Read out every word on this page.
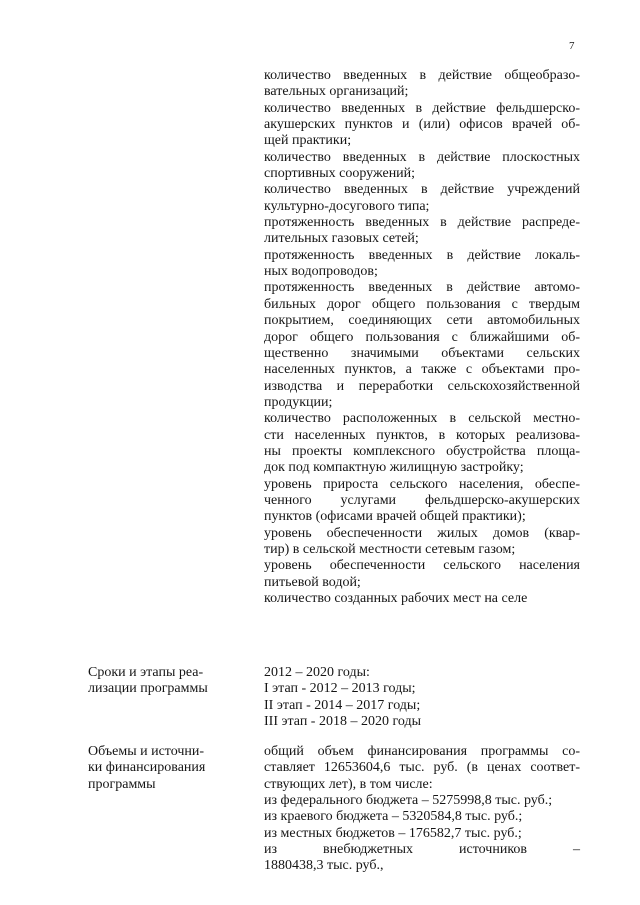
7
количество введенных в действие общеобразо-
вательных организаций;
количество введенных в действие фельдшерско-
акушерских пунктов и (или) офисов врачей об-
щей практики;
количество введенных в действие плоскостных
спортивных сооружений;
количество введенных в действие учреждений
культурно-досугового типа;
протяженность введенных в действие распреде-
лительных газовых сетей;
протяженность введенных в действие локаль-
ных водопроводов;
протяженность введенных в действие автомо-
бильных дорог общего пользования с твердым
покрытием, соединяющих сети автомобильных
дорог общего пользования с ближайшими об-
щественно значимыми объектами сельских
населенных пунктов, а также с объектами про-
изводства и переработки сельскохозяйственной
продукции;
количество расположенных в сельской местно-
сти населенных пунктов, в которых реализова-
ны проекты комплексного обустройства площа-
док под компактную жилищную застройку;
уровень прироста сельского населения, обеспе-
ченного услугами фельдшерско-акушерских
пунктов (офисами врачей общей практики);
уровень обеспеченности жилых домов (квар-
тир) в сельской местности сетевым газом;
уровень обеспеченности сельского населения
питьевой водой;
количество созданных рабочих мест на селе
Сроки и этапы реа-
лизации программы
2012 – 2020 годы:
I этап - 2012 – 2013 годы;
II этап - 2014 – 2017 годы;
III этап - 2018 – 2020 годы
Объемы и источни-
ки финансирования
программы
общий объем финансирования программы со-
ставляет 12653604,6 тыс. руб. (в ценах соответ-
ствующих лет), в том числе:
из федерального бюджета – 5275998,8 тыс. руб.;
из краевого бюджета – 5320584,8 тыс. руб.;
из местных бюджетов – 176582,7 тыс. руб.;
из внебюджетных источников –
1880438,3 тыс. руб.,
